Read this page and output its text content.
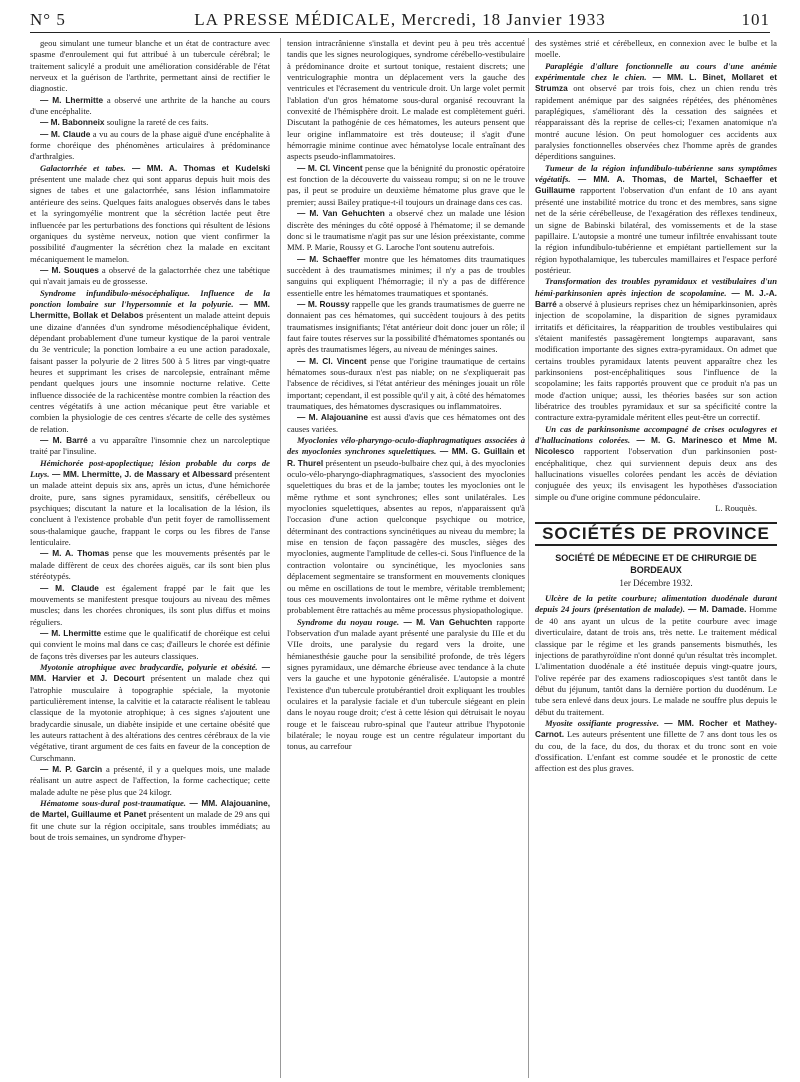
N° 5	LA PRESSE MÉDICALE, Mercredi, 18 Janvier 1933	101

geou simulant une tumeur blanche et un état de contracture avec spasme d'enroulement qui fut attribué à un tubercule cérébral; le traitement salicylé a produit une amélioration considérable de l'état nerveux et la guérison de l'arthrite, permettant ainsi de rectifier le diagnostic.

— M. Lhermitte a observé une arthrite de la hanche au cours d'une encéphalite.

— M. Babonneix souligne la rareté de ces faits.

— M. Claude a vu au cours de la phase aiguë d'une encéphalite à forme choréique des phénomènes articulaires à prédominance d'arthralgies.

Galactorrhée et tabes. — MM. A. Thomas et Kudelski présentent une malade chez qui sont apparus depuis huit mois des signes de tabes et une galactorrhée, sans lésion inflammatoire antérieure des seins. Quelques faits analogues observés dans le tabes et la syringomyélie montrent que la sécrétion lactée peut être influencée par les perturbations des fonctions qui résultent de lésions organiques du système nerveux, notion que vient confirmer la possibilité d'augmenter la sécrétion chez la malade en excitant mécaniquement le mamelon.

— M. Souques a observé de la galactorrhée chez une tabétique qui n'avait jamais eu de grossesse.

Syndrome infundibulo-mésocéphalique. Influence de la ponction lombaire sur l'hypersomnie et la polyurie. — MM. Lhermitte, Bollak et Delabos présentent un malade atteint depuis une dizaine d'années d'un syndrome mésodiencéphalique évident, dépendant probablement d'une tumeur kystique de la paroi ventrale du 3e ventricule; la ponction lombaire a eu une action paradoxale, faisant passer la polyurie de 2 litres 500 à 5 litres par vingt-quatre heures et supprimant les crises de narcolepsie, entraînant même pendant quelques jours une insomnie nocturne relative. Cette influence dissociée de la rachicentèse montre combien la réaction des centres végétatifs à une action mécanique peut être variable et combien la physiologie de ces centres s'écarte de celle des systèmes de relation.

— M. Barré a vu apparaître l'insomnie chez un narcoleptique traité par l'insuline.

Hémichorée post-apoplectique; lésion probable du corps de Luys. — MM. Lhermitte, J. de Massary et Albessard présentent un malade atteint depuis six ans, après un ictus, d'une hémichorée droite, pure, sans signes pyramidaux, sensitifs, cérébelleux ou psychiques; discutant la nature et la localisation de la lésion, ils concluent à l'existence probable d'un petit foyer de ramollissement sous-thalamique gauche, frappant le corps ou les fibres de l'anse lenticulaire.

— M. A. Thomas pense que les mouvements présentés par le malade diffèrent de ceux des chorées aiguës, car ils sont bien plus stéréotypés.

— M. Claude est également frappé par le fait que les mouvements se manifestent presque toujours au niveau des mêmes muscles; dans les chorées chroniques, ils sont plus diffus et moins réguliers.

— M. Lhermitte estime que le qualificatif de choréique est celui qui convient le moins mal dans ce cas; d'ailleurs le chorée est définie de façons très diverses par les auteurs classiques.

Myotonie atrophique avec bradycardie, polyurie et obésité. — MM. Harvier et J. Decourt présentent un malade chez qui l'atrophie musculaire à topographie spéciale, la myotonie particulièrement intense, la calvitie et la cataracte réalisent le tableau classique de la myotonie atrophique; à ces signes s'ajoutent une bradycardie sinusale, un diabète insipide et une certaine obésité que les auteurs rattachent à des altérations des centres cérébraux de la vie végétative, tirant argument de ces faits en faveur de la conception de Curschmann.

— M. P. Garcin a présenté, il y a quelques mois, une malade réalisant un autre aspect de l'affection, la forme cachectique; cette malade adulte ne pèse plus que 24 kilogr.

Hématome sous-dural post-traumatique. — MM. Alajouanine, de Martel, Guillaume et Panet présentent un malade de 29 ans qui fit une chute sur la région occipitale, sans troubles immédiats; au bout de trois semaines, un syndrome d'hyper-

tension intracrânienne s'installa et devint peu à peu très accentué tandis que les signes neurologiques, syndrome cérébello-vestibulaire à prédominance droite et surtout tonique, restaient discrets; une ventriculographie montra un déplacement vers la gauche des ventricules et l'écrasement du ventricule droit. Un large volet permit l'ablation d'un gros hématome sous-dural organisé recouvrant la convexité de l'hémisphère droit. Le malade est complètement guéri. Discutant la pathogénie de ces hématomes, les auteurs pensent que leur origine inflammatoire est très douteuse; il s'agit d'une hémorragie minime continue avec hématolyse locale entraînant des aspects pseudo-inflammatoires.

— M. Cl. Vincent pense que la bénignité du pronostic opératoire est fonction de la découverte du vaisseau rompu; si on ne le trouve pas, il peut se produire un deuxième hématome plus grave que le premier; aussi Bailey pratique-t-il toujours un drainage dans ces cas.

— M. Van Gehuchten a observé chez un malade une lésion discrète des méninges du côté opposé à l'hématome; il se demande donc si le traumatisme n'agit pas sur une lésion préexistante, comme MM. P. Marie, Roussy et G. Laroche l'ont soutenu autrefois.

— M. Schaeffer montre que les hématomes dits traumatiques succèdent à des traumatismes minimes; il n'y a pas de troubles sanguins qui expliquent l'hémorragie; il n'y a pas de différence essentielle entre les hématomes traumatiques et spontanés.

— M. Roussy rappelle que les grands traumatismes de guerre ne donnaient pas ces hématomes, qui succèdent toujours à des petits traumatismes insignifiants; l'état antérieur doit donc jouer un rôle; il faut faire toutes réserves sur la possibilité d'hématomes spontanés ou après des traumatismes légers, au niveau de méninges saines.

— M. Cl. Vincent pense que l'origine traumatique de certains hématomes sous-duraux n'est pas niable; on ne s'expliquerait pas l'absence de récidives, si l'état antérieur des méninges jouait un rôle important; cependant, il est possible qu'il y ait, à côté des hématomes traumatiques, des hématomes dyscrasiques ou inflammatoires.

— M. Alajouanine est aussi d'avis que ces hématomes ont des causes variées.

Myoclonies vélo-pharyngo-oculo-diaphragmatiques associées à des myoclonies synchrones squelettiques. — MM. G. Guillain et R. Thurel présentent un pseudo-bulbaire chez qui, à des myoclonies oculo-vélo-pharyngo-diaphragmatiques, s'associent des myoclonies squelettiques du bras et de la jambe; toutes les myoclonies ont le même rythme et sont synchrones; elles sont unilatérales. Les myoclonies squelettiques, absentes au repos, n'apparaissent qu'à l'occasion d'une action quelconque psychique ou motrice, déterminant des contractions syncinétiques au niveau du membre; la mise en tension de façon passagère des muscles, sièges des myoclonies, augmente l'amplitude de celles-ci. Sous l'influence de la contraction volontaire ou syncinétique, les myoclonies sans déplacement segmentaire se transforment en mouvements cloniques ou même en oscillations de tout le membre, véritable tremblement; tous ces mouvements involontaires ont le même rythme et doivent probablement être rattachés au même processus physiopathologique.

Syndrome du noyau rouge. — M. Van Gehuchten rapporte l'observation d'un malade ayant présenté une paralysie du IIIe et du VIIe droits, une paralysie du regard vers la droite, une hémianesthésie gauche pour la sensibilité profonde, de très légers signes pyramidaux, une démarche ébrieuse avec tendance à la chute vers la gauche et une hypotonie généralisée. L'autopsie a montré l'existence d'un tubercule protubérantiel droit expliquant les troubles oculaires et la paralysie faciale et d'un tubercule siégeant en plein dans le noyau rouge droit; c'est à cette lésion qui détruisait le noyau rouge et le faisceau rubro-spinal que l'auteur attribue l'hypotonie bilatérale; le noyau rouge est un centre régulateur important du tonus, au carrefour

des systèmes strié et cérébelleux, en connexion avec le bulbe et la moelle.

Paraplégie d'allure fonctionnelle au cours d'une anémie expérimentale chez le chien. — MM. L. Binet, Mollaret et Strumza ont observé par trois fois, chez un chien rendu très rapidement anémique par des saignées répétées, des phénomènes paraplégiques, s'améliorant dès la cessation des saignées et réapparaissant dès la reprise de celles-ci; l'examen anatomique n'a montré aucune lésion. On peut homologuer ces accidents aux paralysies fonctionnelles observées chez l'homme après de grandes déperditions sanguines.

Tumeur de la région infundibulo-tubérienne sans symptômes végétatifs. — MM. A. Thomas, de Martel, Schaeffer et Guillaume rapportent l'observation d'un enfant de 10 ans ayant présenté une instabilité motrice du tronc et des membres, sans signe net de la série cérébelleuse, de l'exagération des réflexes tendineux, un signe de Babinski bilatéral, des vomissements et de la stase papillaire. L'autopsie a montré une tumeur infiltrée envahissant toute la région infundibulo-tubérienne et empiétant partiellement sur la région hypothalamique, les tubercules mamillaires et l'espace perforé postérieur.

Transformation des troubles pyramidaux et vestibulaires d'un hémi-parkinsonien après injection de scopolamine. — M. J.-A. Barré a observé à plusieurs reprises chez un hémiparkinsonien, après injection de scopolamine, la disparition de signes pyramidaux irritatifs et déficitaires, la réapparition de troubles vestibulaires qui s'étaient manifestés passagèrement longtemps auparavant, sans modification importante des signes extra-pyramidaux. On admet que certains troubles pyramidaux latents peuvent apparaître chez les parkinsoniens post-encéphalitiques sous l'influence de la scopolamine; les faits rapportés prouvent que ce produit n'a pas un mode d'action unique; aussi, les théories basées sur son action libératrice des troubles pyramidaux et sur sa spécificité contre la contracture extra-pyramidale méritent elles peut-être un correctif.

Un cas de parkinsonisme accompagné de crises oculogyres et d'hallucinations colorées. — M. G. Marinesco et Mme M. Nicolesco rapportent l'observation d'un parkinsonien post-encéphalitique, chez qui surviennent depuis deux ans des hallucinations visuelles colorées pendant les accès de déviation conjuguée des yeux; ils envisagent les hypothèses d'association simple ou d'une origine commune pédonculaire.

L. Rouquès.

SOCIÉTÉS DE PROVINCE
SOCIÉTÉ DE MÉDECINE ET DE CHIRURGIE DE BORDEAUX
1er Décembre 1932.

Ulcère de la petite courbure; alimentation duodénale durant depuis 24 jours (présentation de malade). — M. Damade. Homme de 40 ans ayant un ulcus de la petite courbure avec image diverticulaire, datant de trois ans, très nette. Le traitement médical classique par le régime et les grands pansements bismuthés, les injections de parathyroïdine n'ont donné qu'un résultat très incomplet. L'alimentation duodénale a été instituée depuis vingt-quatre jours, l'olive repérée par des examens radioscopiques s'est tantôt dans le début du jéjunum, tantôt dans la dernière portion du duodénum. Le tube sera enlevé dans deux jours. Le malade ne souffre plus depuis le début du traitement.

Myosite ossifiante progressive. — MM. Rocher et Mathey-Carnot. Les auteurs présentent une fillette de 7 ans dont tous les os du cou, de la face, du dos, du thorax et du tronc sont en voie d'ossification. L'enfant est comme soudée et le pronostic de cette affection est des plus graves.
